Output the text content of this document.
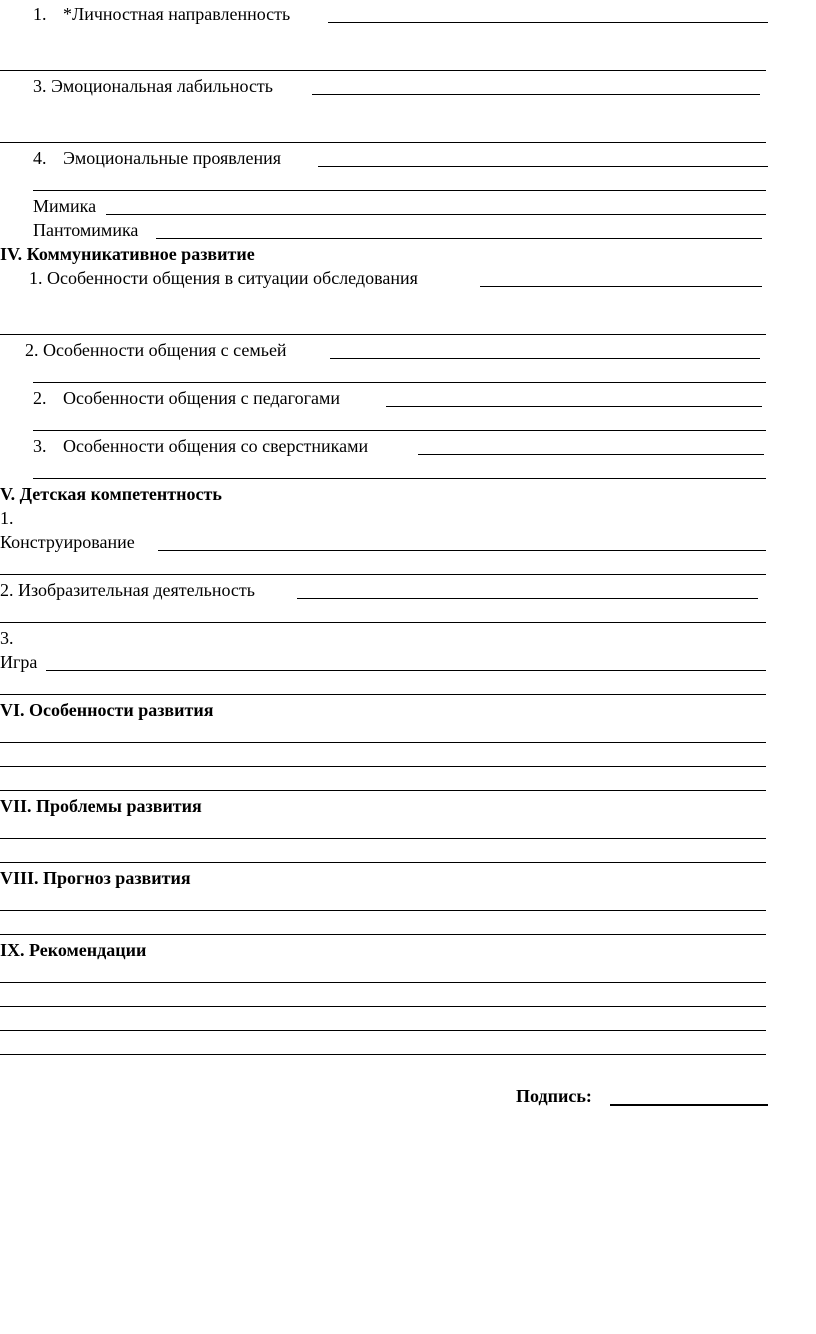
1. *Личностная направленность
3. Эмоциональная лабильность
4. Эмоциональные проявления
Мимика
Пантомимика
IV. Коммуникативное развитие
1. Особенности общения в ситуации обследования
2. Особенности общения с семьей
2. Особенности общения с педагогами
3. Особенности общения со сверстниками
V. Детская компетентность
1.
Конструирование
2. Изобразительная деятельность
3.
Игра
VI. Особенности развития
VII. Проблемы развития
VIII. Прогноз развития
IX. Рекомендации
Подпись:
